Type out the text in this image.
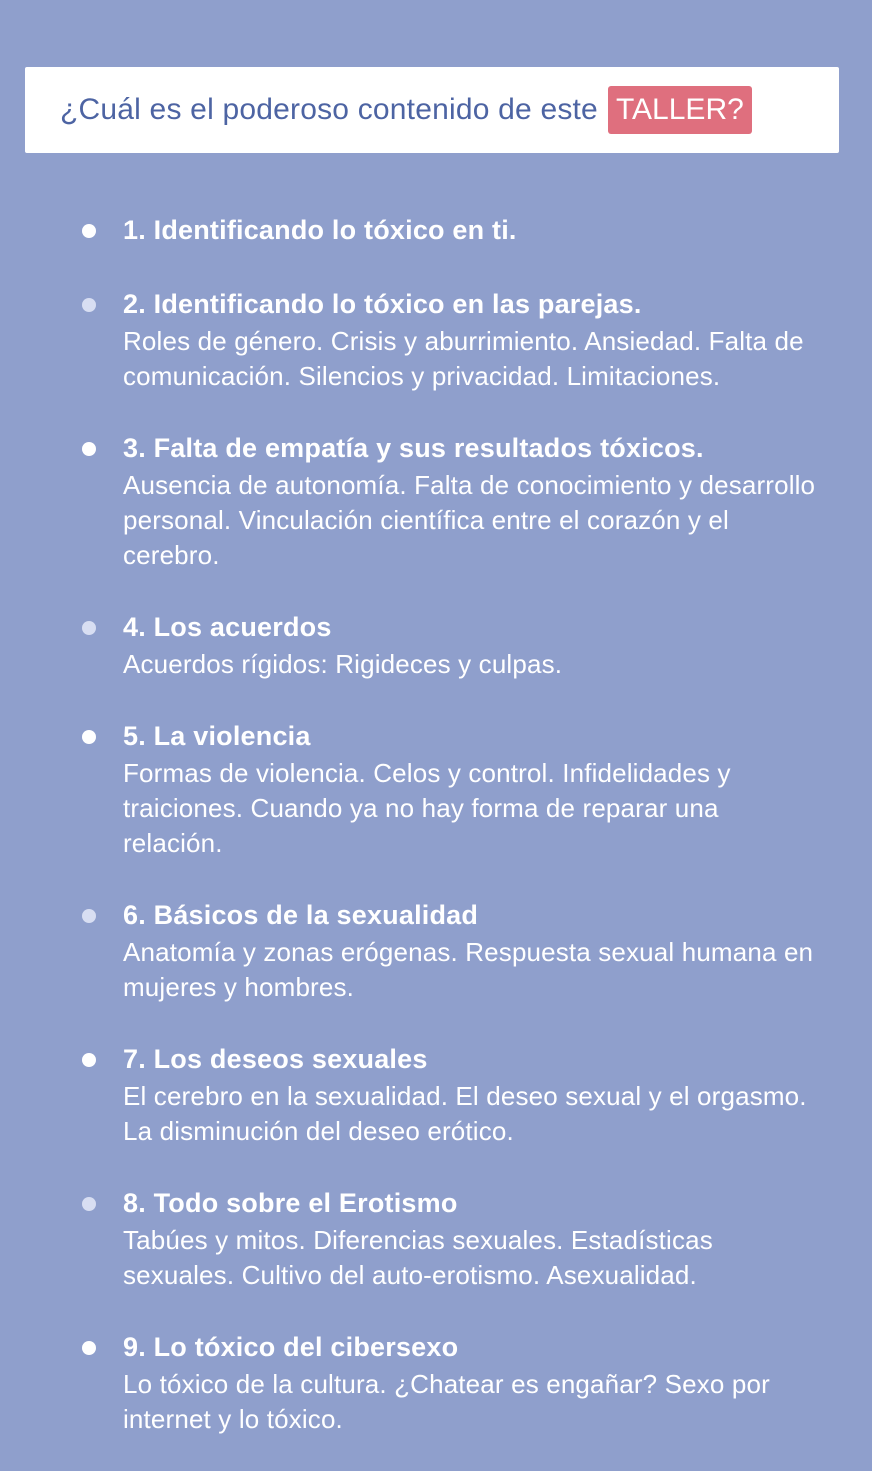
¿Cuál es el poderoso contenido de este TALLER?
1. Identificando lo tóxico en ti.
2. Identificando lo tóxico en las parejas.
Roles de género. Crisis y aburrimiento. Ansiedad. Falta de comunicación. Silencios y privacidad. Limitaciones.
3. Falta de empatía y sus resultados tóxicos.
Ausencia de autonomía. Falta de conocimiento y desarrollo personal. Vinculación científica entre el corazón y el cerebro.
4. Los acuerdos
Acuerdos rígidos: Rigideces y culpas.
5. La violencia
Formas de violencia. Celos y control. Infidelidades y traiciones. Cuando ya no hay forma de reparar una relación.
6. Básicos de la sexualidad
Anatomía y zonas erógenas. Respuesta sexual humana en mujeres y hombres.
7. Los deseos sexuales
El cerebro en la sexualidad. El deseo sexual y el orgasmo. La disminución del deseo erótico.
8. Todo sobre el Erotismo
Tabúes y mitos. Diferencias sexuales. Estadísticas sexuales. Cultivo del auto-erotismo. Asexualidad.
9. Lo tóxico del cibersexo
Lo tóxico de la cultura. ¿Chatear es engañar? Sexo por internet y lo tóxico.
